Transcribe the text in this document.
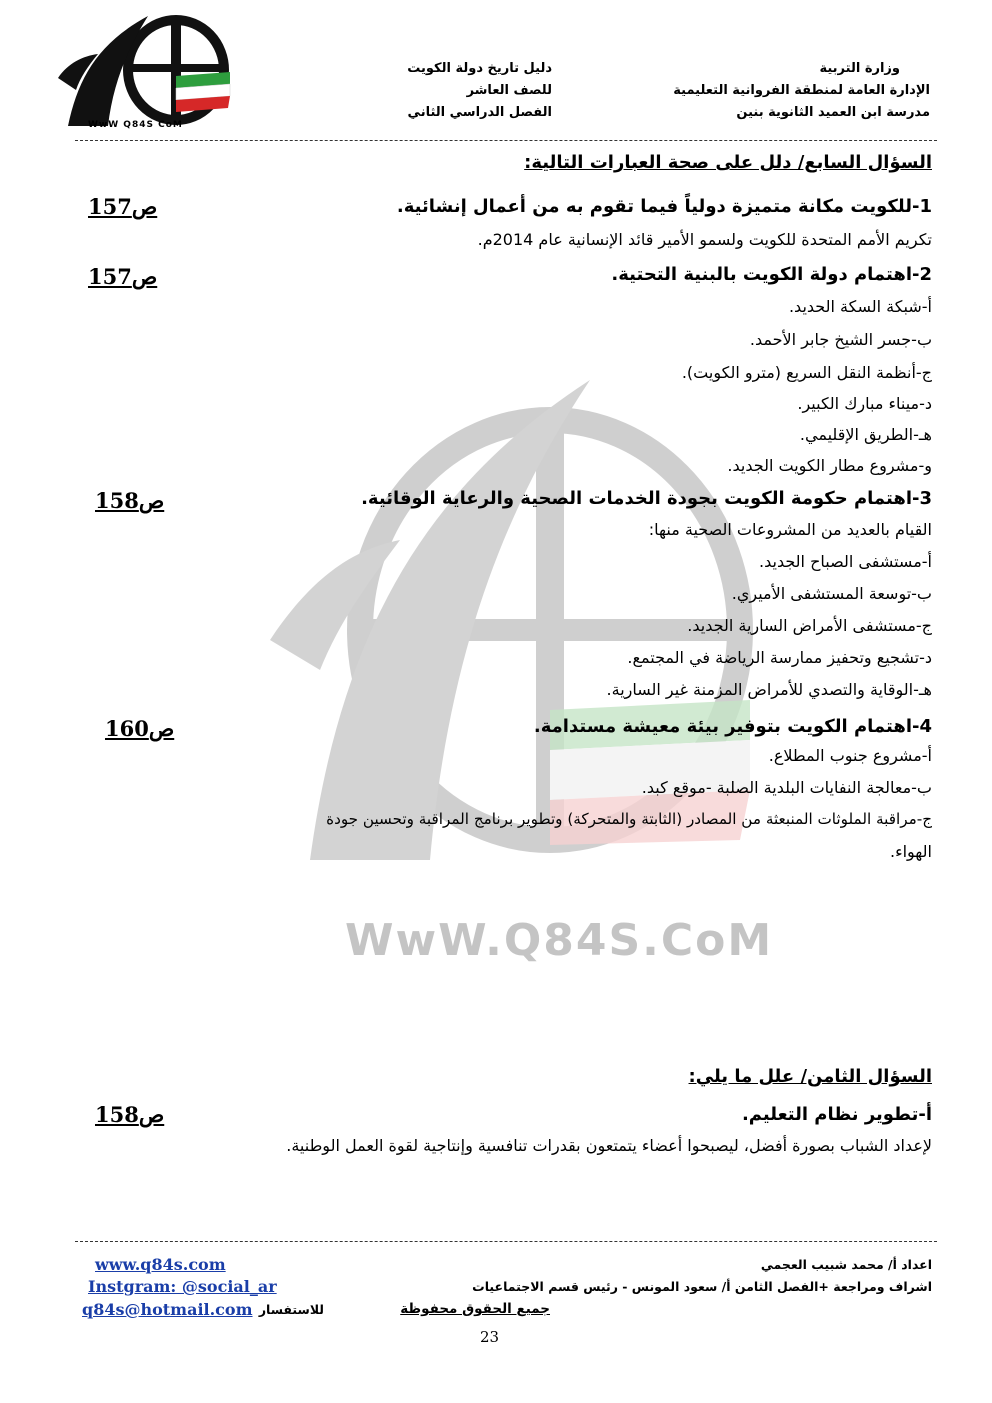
WwW.Q84S.CoM
WwW Q84S CoM
دليل تاريخ دولة الكويت
للصف العاشر
الفصل الدراسي الثاني
وزارة التربية
الإدارة العامة لمنطقة الفروانية التعليمية
مدرسة ابن العميد الثانوية بنين
السؤال السابع/ دلل على صحة العبارات التالية:
1-للكويت مكانة متميزة دولياً فيما تقوم به من أعمال إنشائية.
ص157
تكريم الأمم المتحدة للكويت ولسمو الأمير قائد الإنسانية عام 2014م.
2-اهتمام دولة الكويت بالبنية التحتية.
ص157
أ-شبكة السكة الحديد.
ب-جسر الشيخ جابر الأحمد.
ج-أنظمة النقل السريع (مترو الكويت).
د-ميناء مبارك الكبير.
هـ-الطريق الإقليمي.
و-مشروع مطار الكويت الجديد.
3-اهتمام حكومة الكويت بجودة الخدمات الصحية والرعاية الوقائية.
ص158
القيام بالعديد من المشروعات الصحية منها:
أ-مستشفى الصباح الجديد.
ب-توسعة المستشفى الأميري.
ج-مستشفى الأمراض السارية الجديد.
د-تشجيع وتحفيز ممارسة الرياضة في المجتمع.
هـ-الوقاية والتصدي للأمراض المزمنة غير السارية.
4-اهتمام الكويت بتوفير بيئة معيشة مستدامة.
ص160
أ-مشروع جنوب المطلاع.
ب-معالجة النفايات البلدية الصلبة -موقع كبد.
ج-مراقبة الملوثات المنبعثة من المصادر (الثابتة والمتحركة) وتطوير برنامج المراقبة وتحسين جودة
الهواء.
السؤال الثامن/ علل ما يلي:
أ-تطوير نظام التعليم.
ص158
لإعداد الشباب بصورة أفضل، ليصبحوا أعضاء يتمتعون بقدرات تنافسية وإنتاجية لقوة العمل الوطنية.
اعداد أ/ محمد شبيب العجمي
اشراف ومراجعة +الفصل الثامن أ/ سعود المونس - رئيس قسم الاجتماعيات
جميع الحقوق محفوظة
www.q84s.com
Instgram: @social_ar
q84s@hotmail.com للاستفسار
23
